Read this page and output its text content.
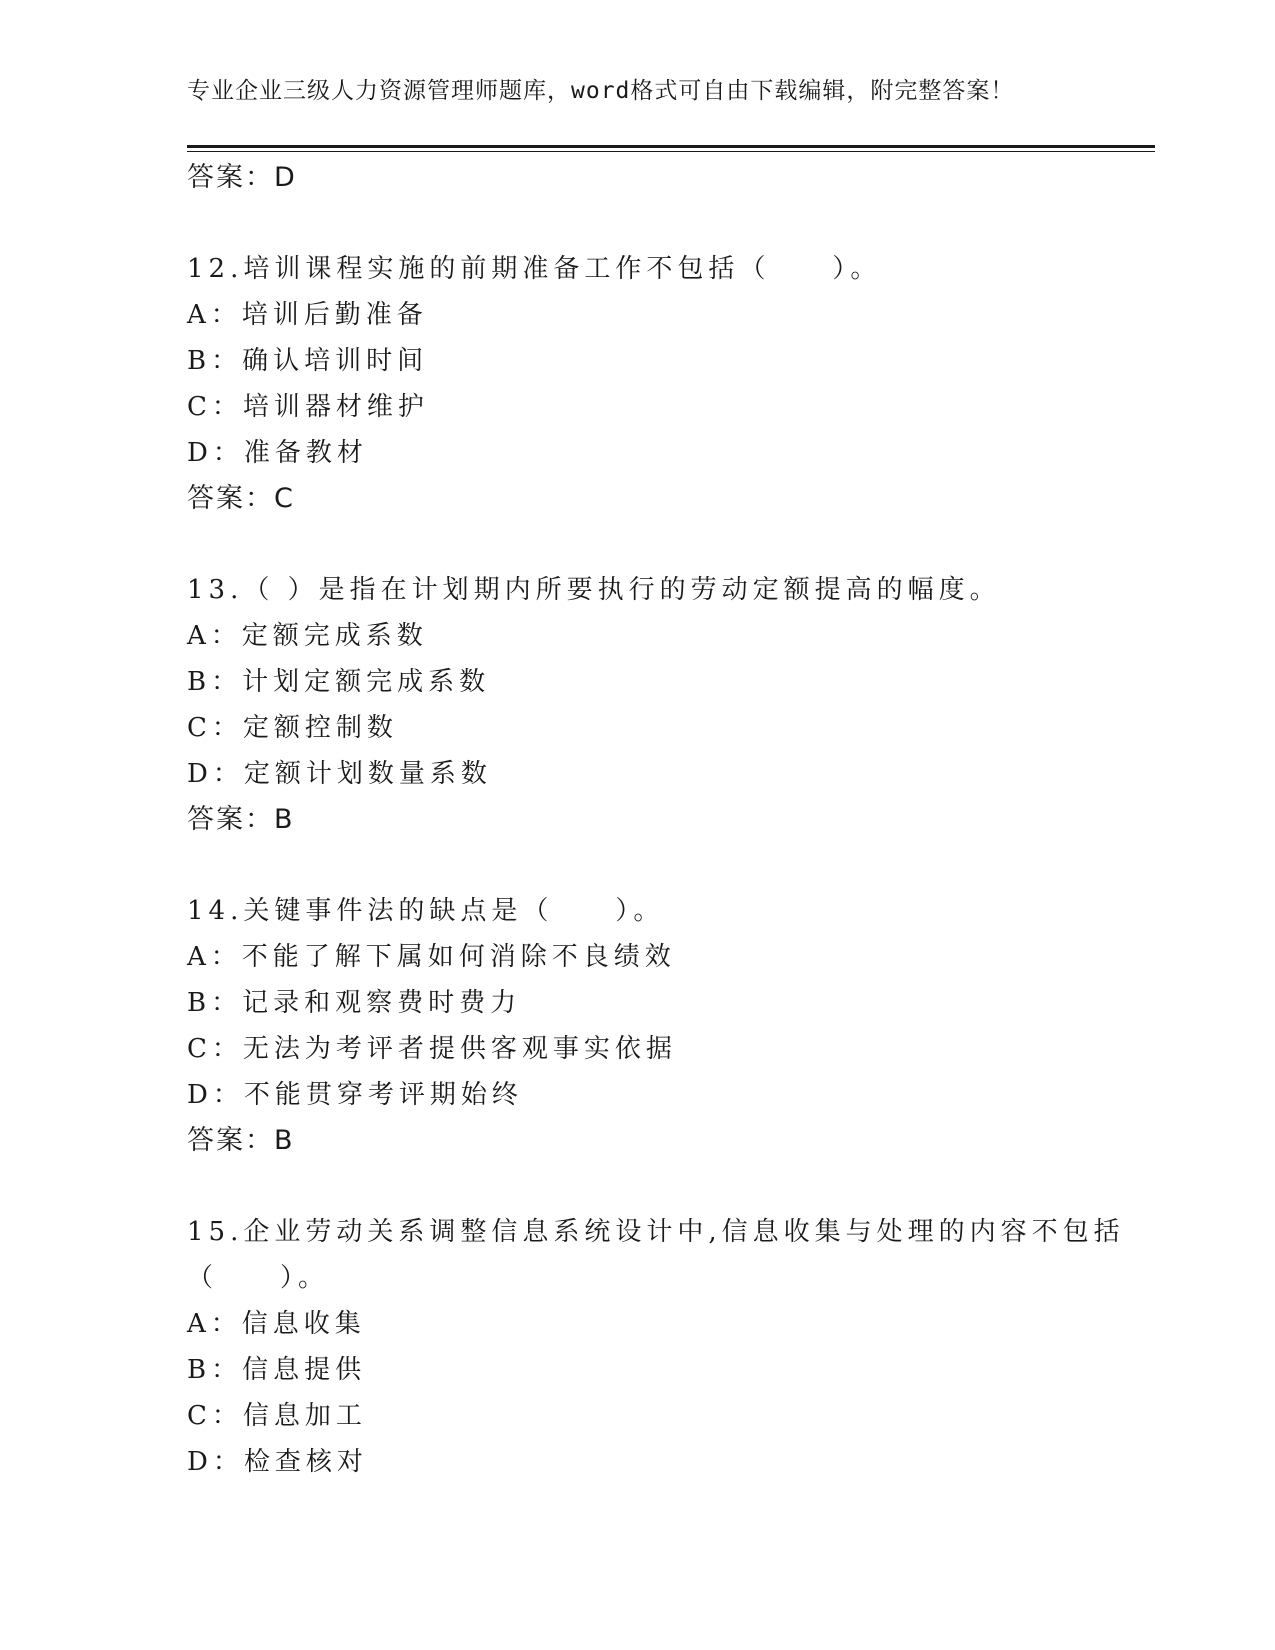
专业企业三级人力资源管理师题库，word格式可自由下载编辑，附完整答案！
答案：D
12.培训课程实施的前期准备工作不包括（　　）。
A：培训后勤准备
B：确认培训时间
C：培训器材维护
D：准备教材
答案：C
13.（ ）是指在计划期内所要执行的劳动定额提高的幅度。
A：定额完成系数
B：计划定额完成系数
C：定额控制数
D：定额计划数量系数
答案：B
14.关键事件法的缺点是（　　）。
A：不能了解下属如何消除不良绩效
B：记录和观察费时费力
C：无法为考评者提供客观事实依据
D：不能贯穿考评期始终
答案：B
15.企业劳动关系调整信息系统设计中,信息收集与处理的内容不包括
（　　）。
A：信息收集
B：信息提供
C：信息加工
D：检查核对
